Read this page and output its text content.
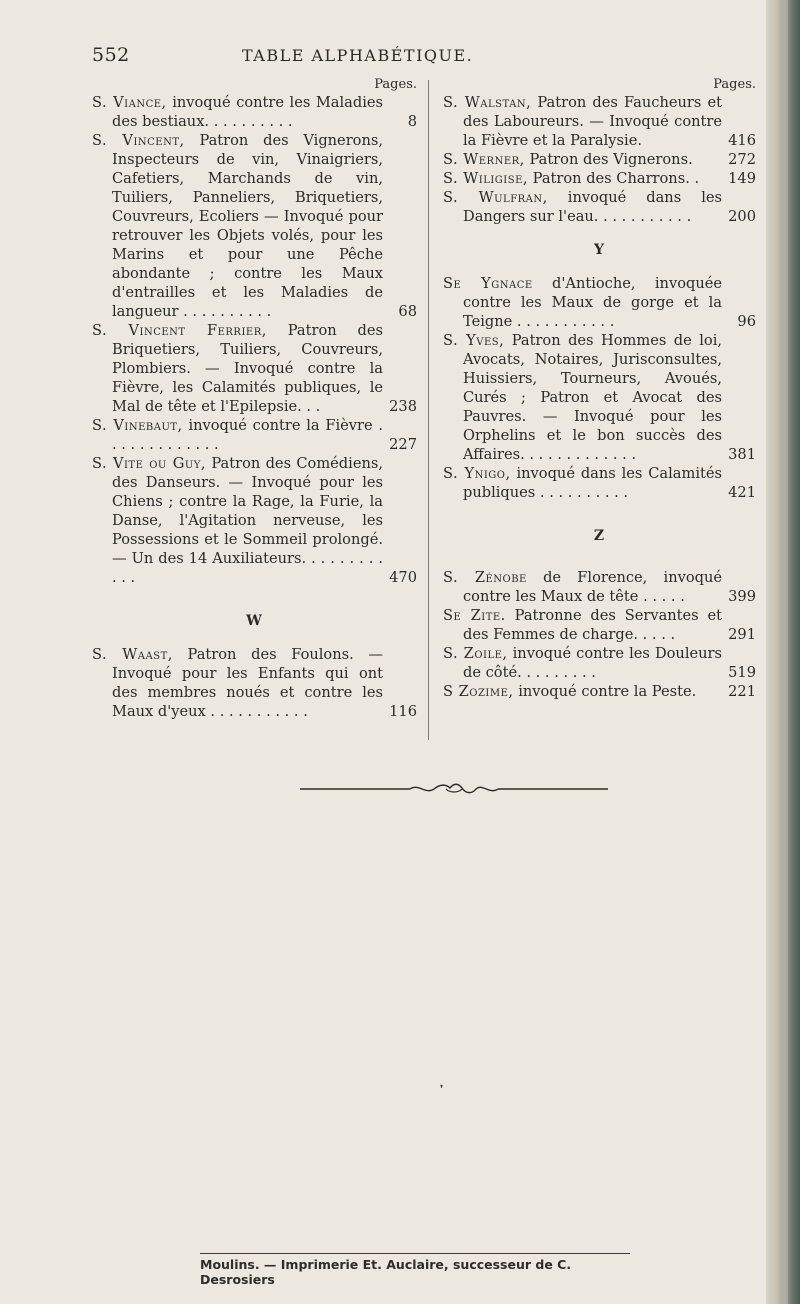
552	TABLE ALPHABÉTIQUE.
Pages.
S. Viance, invoqué contre les Maladies des bestiaux. . . . . . . . . .	8
S. Vincent, Patron des Vignerons, Inspecteurs de vin, Vinaigriers, Cafetiers, Marchands de vin, Tuiliers, Panneliers, Briquetiers, Couvreurs, Ecoliers — Invoqué pour retrouver les Objets volés, pour les Marins et pour une Pêche abondante ; contre les Maux d'entrailles et les Maladies de langueur . . . . . . . . . .	68
S. Vincent Ferrier, Patron des Briquetiers, Tuiliers, Couvreurs, Plombiers. — Invoqué contre la Fièvre, les Calamités publiques, le Mal de tête et l'Epilepsie. . .	238
S. Vinebaut, invoqué contre la Fièvre . . . . . . . . . . . . .	227
S. Vite ou Guy, Patron des Comédiens, des Danseurs. — Invoqué pour les Chiens ; contre la Rage, la Furie, la Danse, l'Agitation nerveuse, les Possessions et le Sommeil prolongé. — Un des 14 Auxiliateurs. . . . . . . . . . . .	470
W
S. Waast, Patron des Foulons. — Invoqué pour les Enfants qui ont des membres noués et contre les Maux d'yeux . . . . . . . . . . .	116
Pages.
S. Walstan, Patron des Faucheurs et des Laboureurs. — Invoqué contre la Fièvre et la Paralysie.	416
S. Werner, Patron des Vignerons.	272
S. Wiligise, Patron des Charrons. .	149
S. Wulfran, invoqué dans les Dangers sur l'eau. . . . . . . . . . .	200
Y
Se Ygnace d'Antioche, invoquée contre les Maux de gorge et la Teigne . . . . . . . . . . .	96
S. Yves, Patron des Hommes de loi, Avocats, Notaires, Jurisconsultes, Huissiers, Tourneurs, Avoués, Curés ; Patron et Avocat des Pauvres. — Invoqué pour les Orphelins et le bon succès des Affaires. . . . . . . . . . . . .	381
S. Ynigo, invoqué dans les Calamités publiques . . . . . . . . . .	421
Z
S. Zénobe de Florence, invoqué contre les Maux de tête . . . . .	399
Se Zite. Patronne des Servantes et des Femmes de charge. . . . .	291
S. Zoile, invoqué contre les Douleurs de côté. . . . . . . . .	519
S Zozime, invoqué contre la Peste.	221
❜
Moulins. — Imprimerie Et. Auclaire, successeur de C. Desrosiers
